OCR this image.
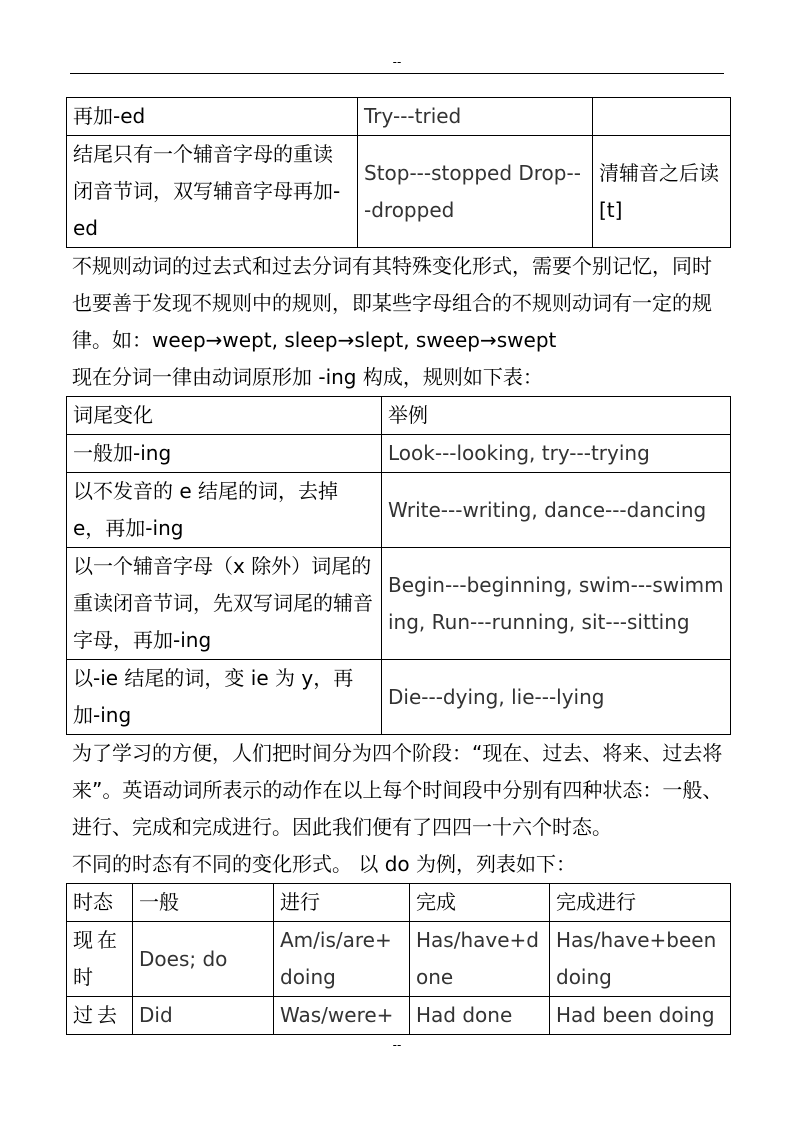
--
再加-ed	Try---tried	
结尾只有一个辅音字母的重读闭音节词，双写辅音字母再加-ed	Stop---stopped Drop---dropped	清辅音之后读[t]

不规则动词的过去式和过去分词有其特殊变化形式，需要个别记忆，同时也要善于发现不规则中的规则，即某些字母组合的不规则动词有一定的规律。如：weep→wept, sleep→slept, sweep→swept

现在分词一律由动词原形加 -ing 构成，规则如下表：

词尾变化	举例
一般加-ing	Look---looking, try---trying
以不发音的 e 结尾的词，去掉 e，再加-ing	Write---writing, dance---dancing
以一个辅音字母（x 除外）词尾的重读闭音节词，先双写词尾的辅音字母，再加-ing	Begin---beginning, swim---swimming, Run---running, sit---sitting
以-ie 结尾的词，变 ie 为 y，再加-ing	Die---dying, lie---lying

为了学习的方便，人们把时间分为四个阶段：“现在、过去、将来、过去将来”。英语动词所表示的动作在以上每个时间段中分别有四种状态：一般、进行、完成和完成进行。因此我们便有了四四一十六个时态。

不同的时态有不同的变化形式。 以 do 为例，列表如下：

时态	一般	进行	完成	完成进行
现在时	Does; do	Am/is/are+doing	Has/have+done	Has/have+been doing
过去	Did	Was/were+	Had done	Had been doing
--
